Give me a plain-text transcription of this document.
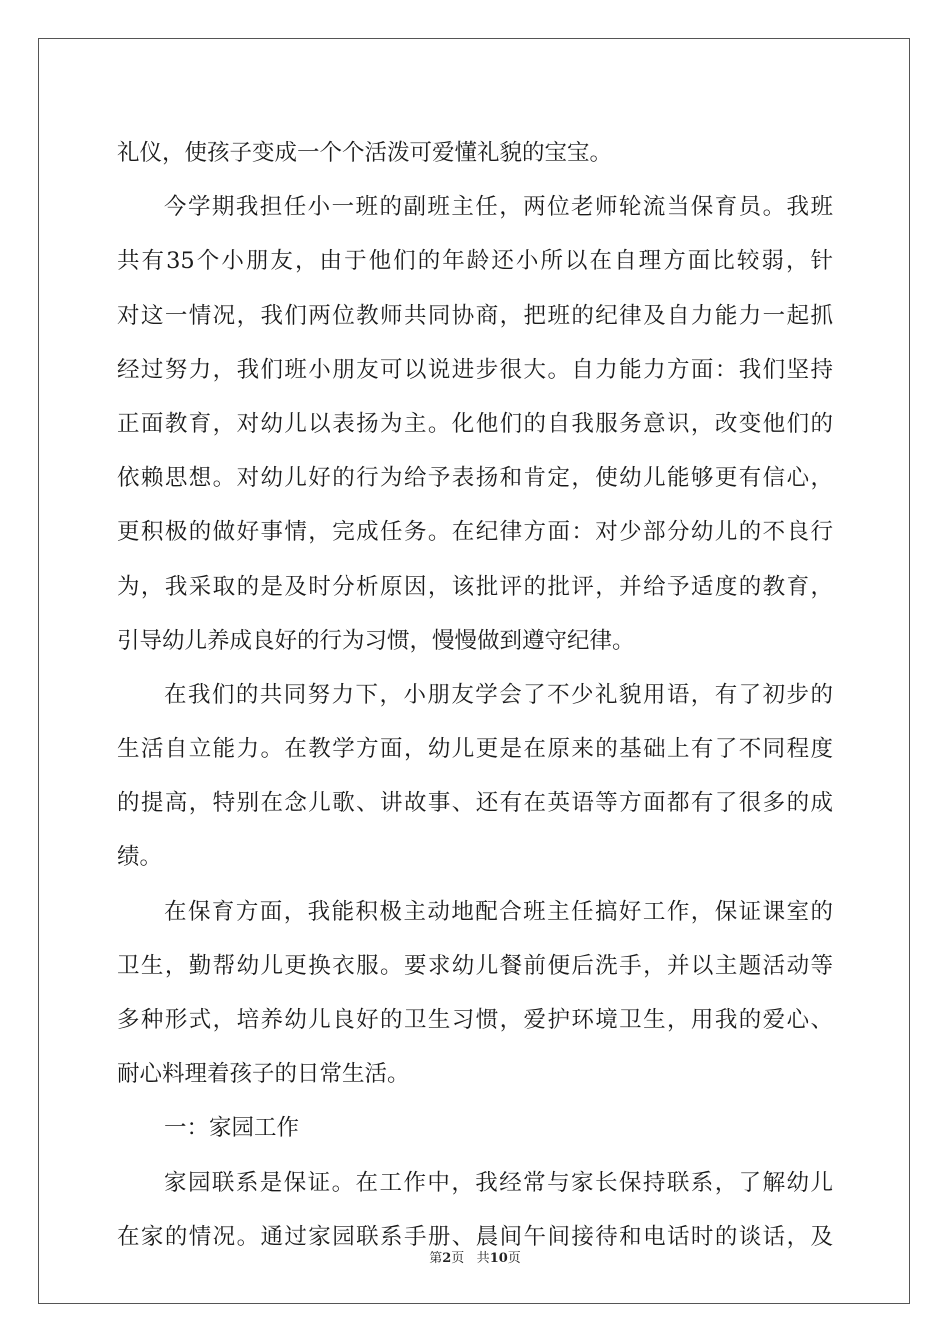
礼仪，使孩子变成一个个活泼可爱懂礼貌的宝宝。
今学期我担任小一班的副班主任，两位老师轮流当保育员。我班
共有35个小朋友，由于他们的年龄还小所以在自理方面比较弱，针
对这一情况，我们两位教师共同协商，把班的纪律及自力能力一起抓
经过努力，我们班小朋友可以说进步很大。自力能力方面：我们坚持
正面教育，对幼儿以表扬为主。化他们的自我服务意识，改变他们的
依赖思想。对幼儿好的行为给予表扬和肯定，使幼儿能够更有信心，
更积极的做好事情，完成任务。在纪律方面：对少部分幼儿的不良行
为，我采取的是及时分析原因，该批评的批评，并给予适度的教育，
引导幼儿养成良好的行为习惯，慢慢做到遵守纪律。
在我们的共同努力下，小朋友学会了不少礼貌用语，有了初步的
生活自立能力。在教学方面，幼儿更是在原来的基础上有了不同程度
的提高，特别在念儿歌、讲故事、还有在英语等方面都有了很多的成
绩。
在保育方面，我能积极主动地配合班主任搞好工作，保证课室的
卫生，勤帮幼儿更换衣服。要求幼儿餐前便后洗手，并以主题活动等
多种形式，培养幼儿良好的卫生习惯，爱护环境卫生，用我的爱心、
耐心料理着孩子的日常生活。
一：家园工作
家园联系是保证。在工作中，我经常与家长保持联系，了解幼儿
在家的情况。通过家园联系手册、晨间午间接待和电话时的谈话，及
第2页 共10页
